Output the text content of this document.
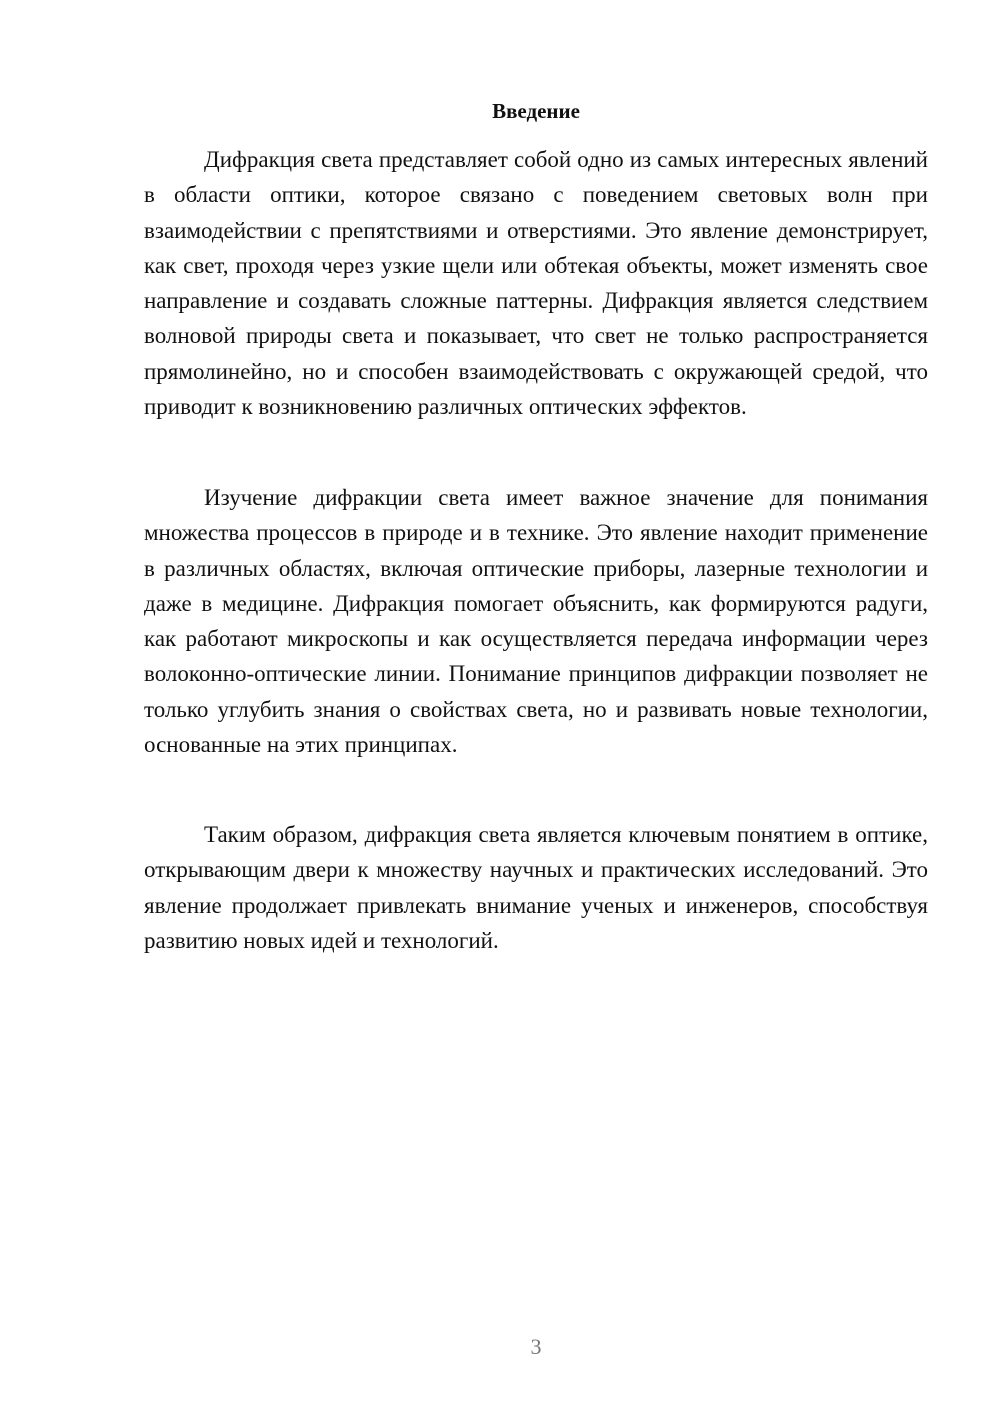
Введение

Дифракция света представляет собой одно из самых интересных явлений в области оптики, которое связано с поведением световых волн при взаимодействии с препятствиями и отверстиями. Это явление демонстрирует, как свет, проходя через узкие щели или обтекая объекты, может изменять свое направление и создавать сложные паттерны. Дифракция является следствием волновой природы света и показывает, что свет не только распространяется прямолинейно, но и способен взаимодействовать с окружающей средой, что приводит к возникновению различных оптических эффектов.

Изучение дифракции света имеет важное значение для понимания множества процессов в природе и в технике. Это явление находит применение в различных областях, включая оптические приборы, лазерные технологии и даже в медицине. Дифракция помогает объяснить, как формируются радуги, как работают микроскопы и как осуществляется передача информации через волоконно-оптические линии. Понимание принципов дифракции позволяет не только углубить знания о свойствах света, но и развивать новые технологии, основанные на этих принципах.

Таким образом, дифракция света является ключевым понятием в оптике, открывающим двери к множеству научных и практических исследований. Это явление продолжает привлекать внимание ученых и инженеров, способствуя развитию новых идей и технологий.

3
